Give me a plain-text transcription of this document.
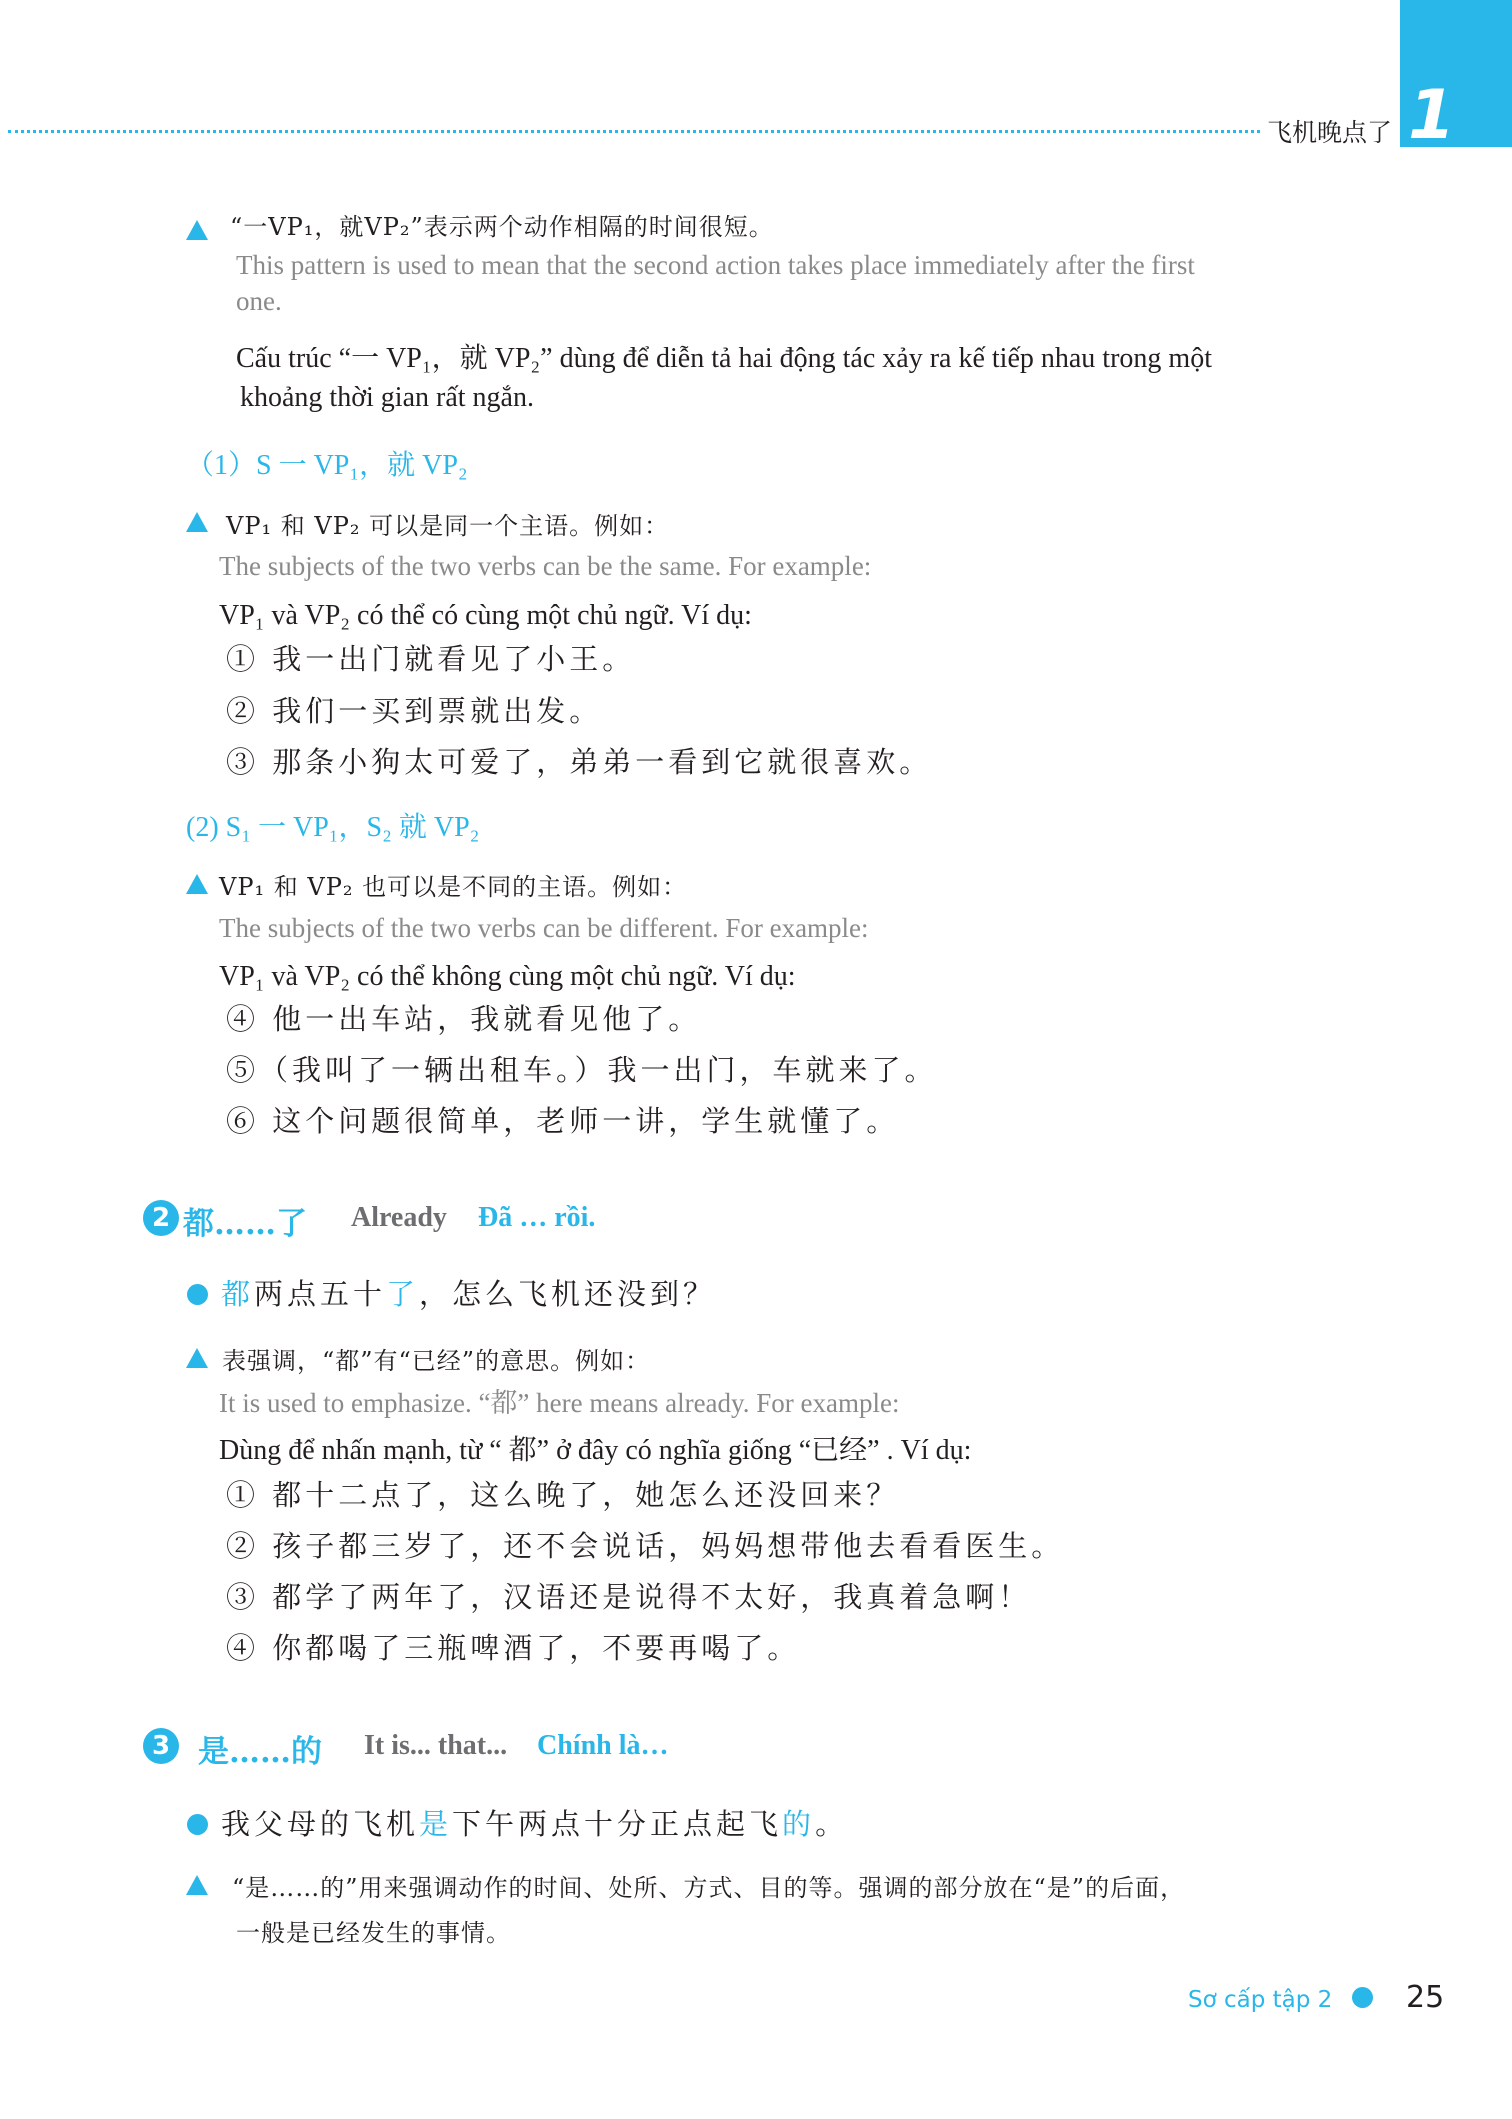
飞机晚点了 1
“一VP₁，就VP₂”表示两个动作相隔的时间很短。
This pattern is used to mean that the second action takes place immediately after the first
one.
Cấu trúc “一 VP₁，就 VP₂” dùng để diễn tả hai động tác xảy ra kế tiếp nhau trong một
khoảng thời gian rất ngắn.
（1）S 一 VP₁，就 VP₂
VP₁ 和 VP₂ 可以是同一个主语。例如：
The subjects of the two verbs can be the same. For example:
VP₁ và VP₂ có thể có cùng một chủ ngữ. Ví dụ:
① 我一出门就看见了小王。
② 我们一买到票就出发。
③ 那条小狗太可爱了，弟弟一看到它就很喜欢。
(2) S₁ 一 VP₁，S₂ 就 VP₂
VP₁ 和 VP₂ 也可以是不同的主语。例如：
The subjects of the two verbs can be different. For example:
VP₁ và VP₂ có thể không cùng một chủ ngữ. Ví dụ:
④ 他一出车站，我就看见他了。
⑤（我叫了一辆出租车。）我一出门，车就来了。
⑥ 这个问题很简单，老师一讲，学生就懂了。
2 都……了 Already Đã … rồi.
都两点五十了，怎么飞机还没到？
表强调，“都”有“已经”的意思。例如：
It is used to emphasize. “都” here means already. For example:
Dùng để nhấn mạnh, từ “ 都” ở đây có nghĩa giống “已经” . Ví dụ:
① 都十二点了，这么晚了，她怎么还没回来？
② 孩子都三岁了，还不会说话，妈妈想带他去看看医生。
③ 都学了两年了，汉语还是说得不太好，我真着急啊！
④ 你都喝了三瓶啤酒了，不要再喝了。
3 是……的 It is... that... Chính là…
我父母的飞机是下午两点十分正点起飞的。
“是……的”用来强调动作的时间、处所、方式、目的等。强调的部分放在“是”的后面，
一般是已经发生的事情。
Sơ cấp tập 2 25
